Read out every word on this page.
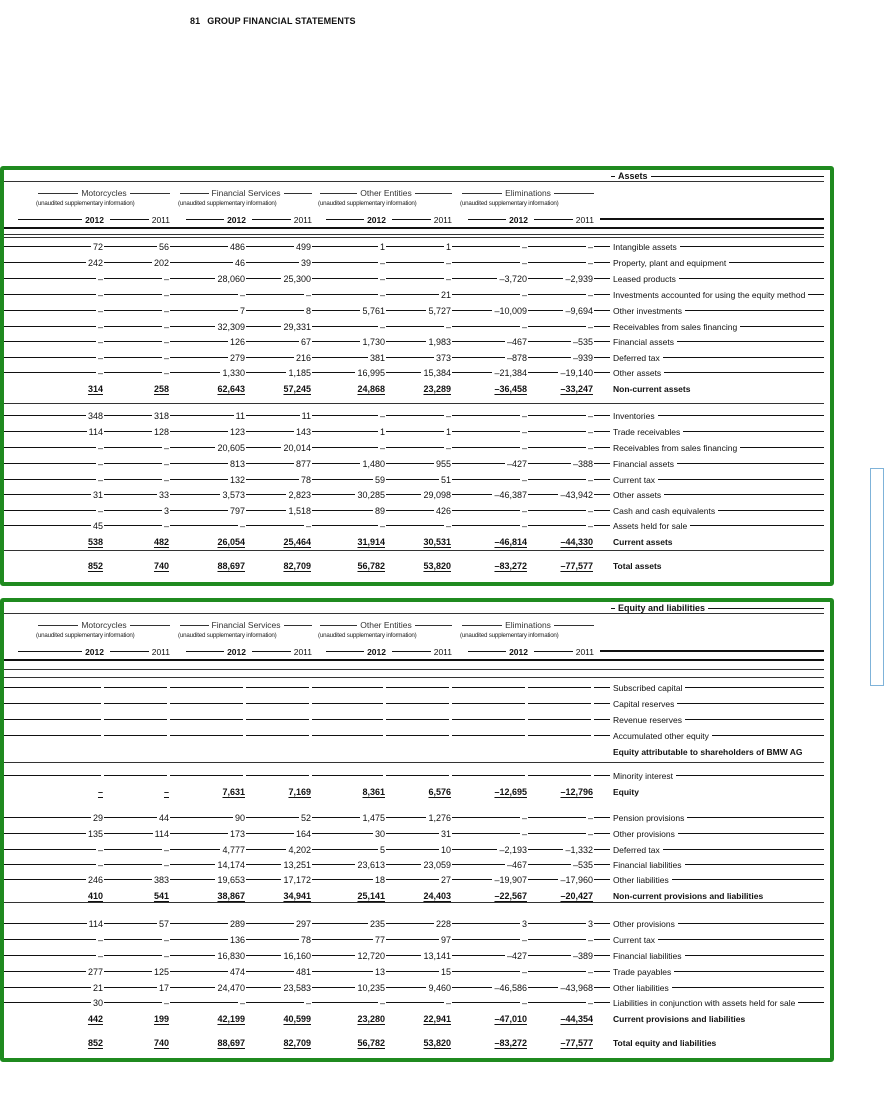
81 GROUP FINANCIAL STATEMENTS
Assets
Motorcycles
(unaudited supplementary information)
Financial Services
(unaudited supplementary information)
Other Entities
(unaudited supplementary information)
Eliminations
(unaudited supplementary information)
2012	2011	2012	2011	2012	2011	2012	2011
72	56	486	499	1	1	–	–	Intangible assets
242	202	46	39	–	–	–	–	Property, plant and equipment
–	–	28,060	25,300	–	–	–3,720	–2,939	Leased products
–	–	–	–	–	21	–	–	Investments accounted for using the equity method
–	–	7	8	5,761	5,727	–10,009	–9,694	Other investments
–	–	32,309	29,331	–	–	–	–	Receivables from sales financing
–	–	126	67	1,730	1,983	–467	–535	Financial assets
–	–	279	216	381	373	–878	–939	Deferred tax
–	–	1,330	1,185	16,995	15,384	–21,384	–19,140	Other assets
314	258	62,643	57,245	24,868	23,289	–36,458	–33,247	Non-current assets
348	318	11	11	–	–	–	–	Inventories
114	128	123	143	1	1	–	–	Trade receivables
–	–	20,605	20,014	–	–	–	–	Receivables from sales financing
–	–	813	877	1,480	955	–427	–388	Financial assets
–	–	132	78	59	51	–	–	Current tax
31	33	3,573	2,823	30,285	29,098	–46,387	–43,942	Other assets
–	3	797	1,518	89	426	–	–	Cash and cash equivalents
45	–	–	–	–	–	–	–	Assets held for sale
538	482	26,054	25,464	31,914	30,531	–46,814	–44,330	Current assets
852	740	88,697	82,709	56,782	53,820	–83,272	–77,577	Total assets
Equity and liabilities
Motorcycles
(unaudited supplementary information)
Financial Services
(unaudited supplementary information)
Other Entities
(unaudited supplementary information)
Eliminations
(unaudited supplementary information)
2012	2011	2012	2011	2012	2011	2012	2011
Subscribed capital
Capital reserves
Revenue reserves
Accumulated other equity
Equity attributable to shareholders of BMW AG
Minority interest
–	–	7,631	7,169	8,361	6,576	–12,695	–12,796	Equity
29	44	90	52	1,475	1,276	–	–	Pension provisions
135	114	173	164	30	31	–	–	Other provisions
–	–	4,777	4,202	5	10	–2,193	–1,332	Deferred tax
–	–	14,174	13,251	23,613	23,059	–467	–535	Financial liabilities
246	383	19,653	17,172	18	27	–19,907	–17,960	Other liabilities
410	541	38,867	34,941	25,141	24,403	–22,567	–20,427	Non-current provisions and liabilities
114	57	289	297	235	228	3	3	Other provisions
–	–	136	78	77	97	–	–	Current tax
–	–	16,830	16,160	12,720	13,141	–427	–389	Financial liabilities
277	125	474	481	13	15	–	–	Trade payables
21	17	24,470	23,583	10,235	9,460	–46,586	–43,968	Other liabilities
30	–	–	–	–	–	–	–	Liabilities in conjunction with assets held for sale
442	199	42,199	40,599	23,280	22,941	–47,010	–44,354	Current provisions and liabilities
852	740	88,697	82,709	56,782	53,820	–83,272	–77,577	Total equity and liabilities
